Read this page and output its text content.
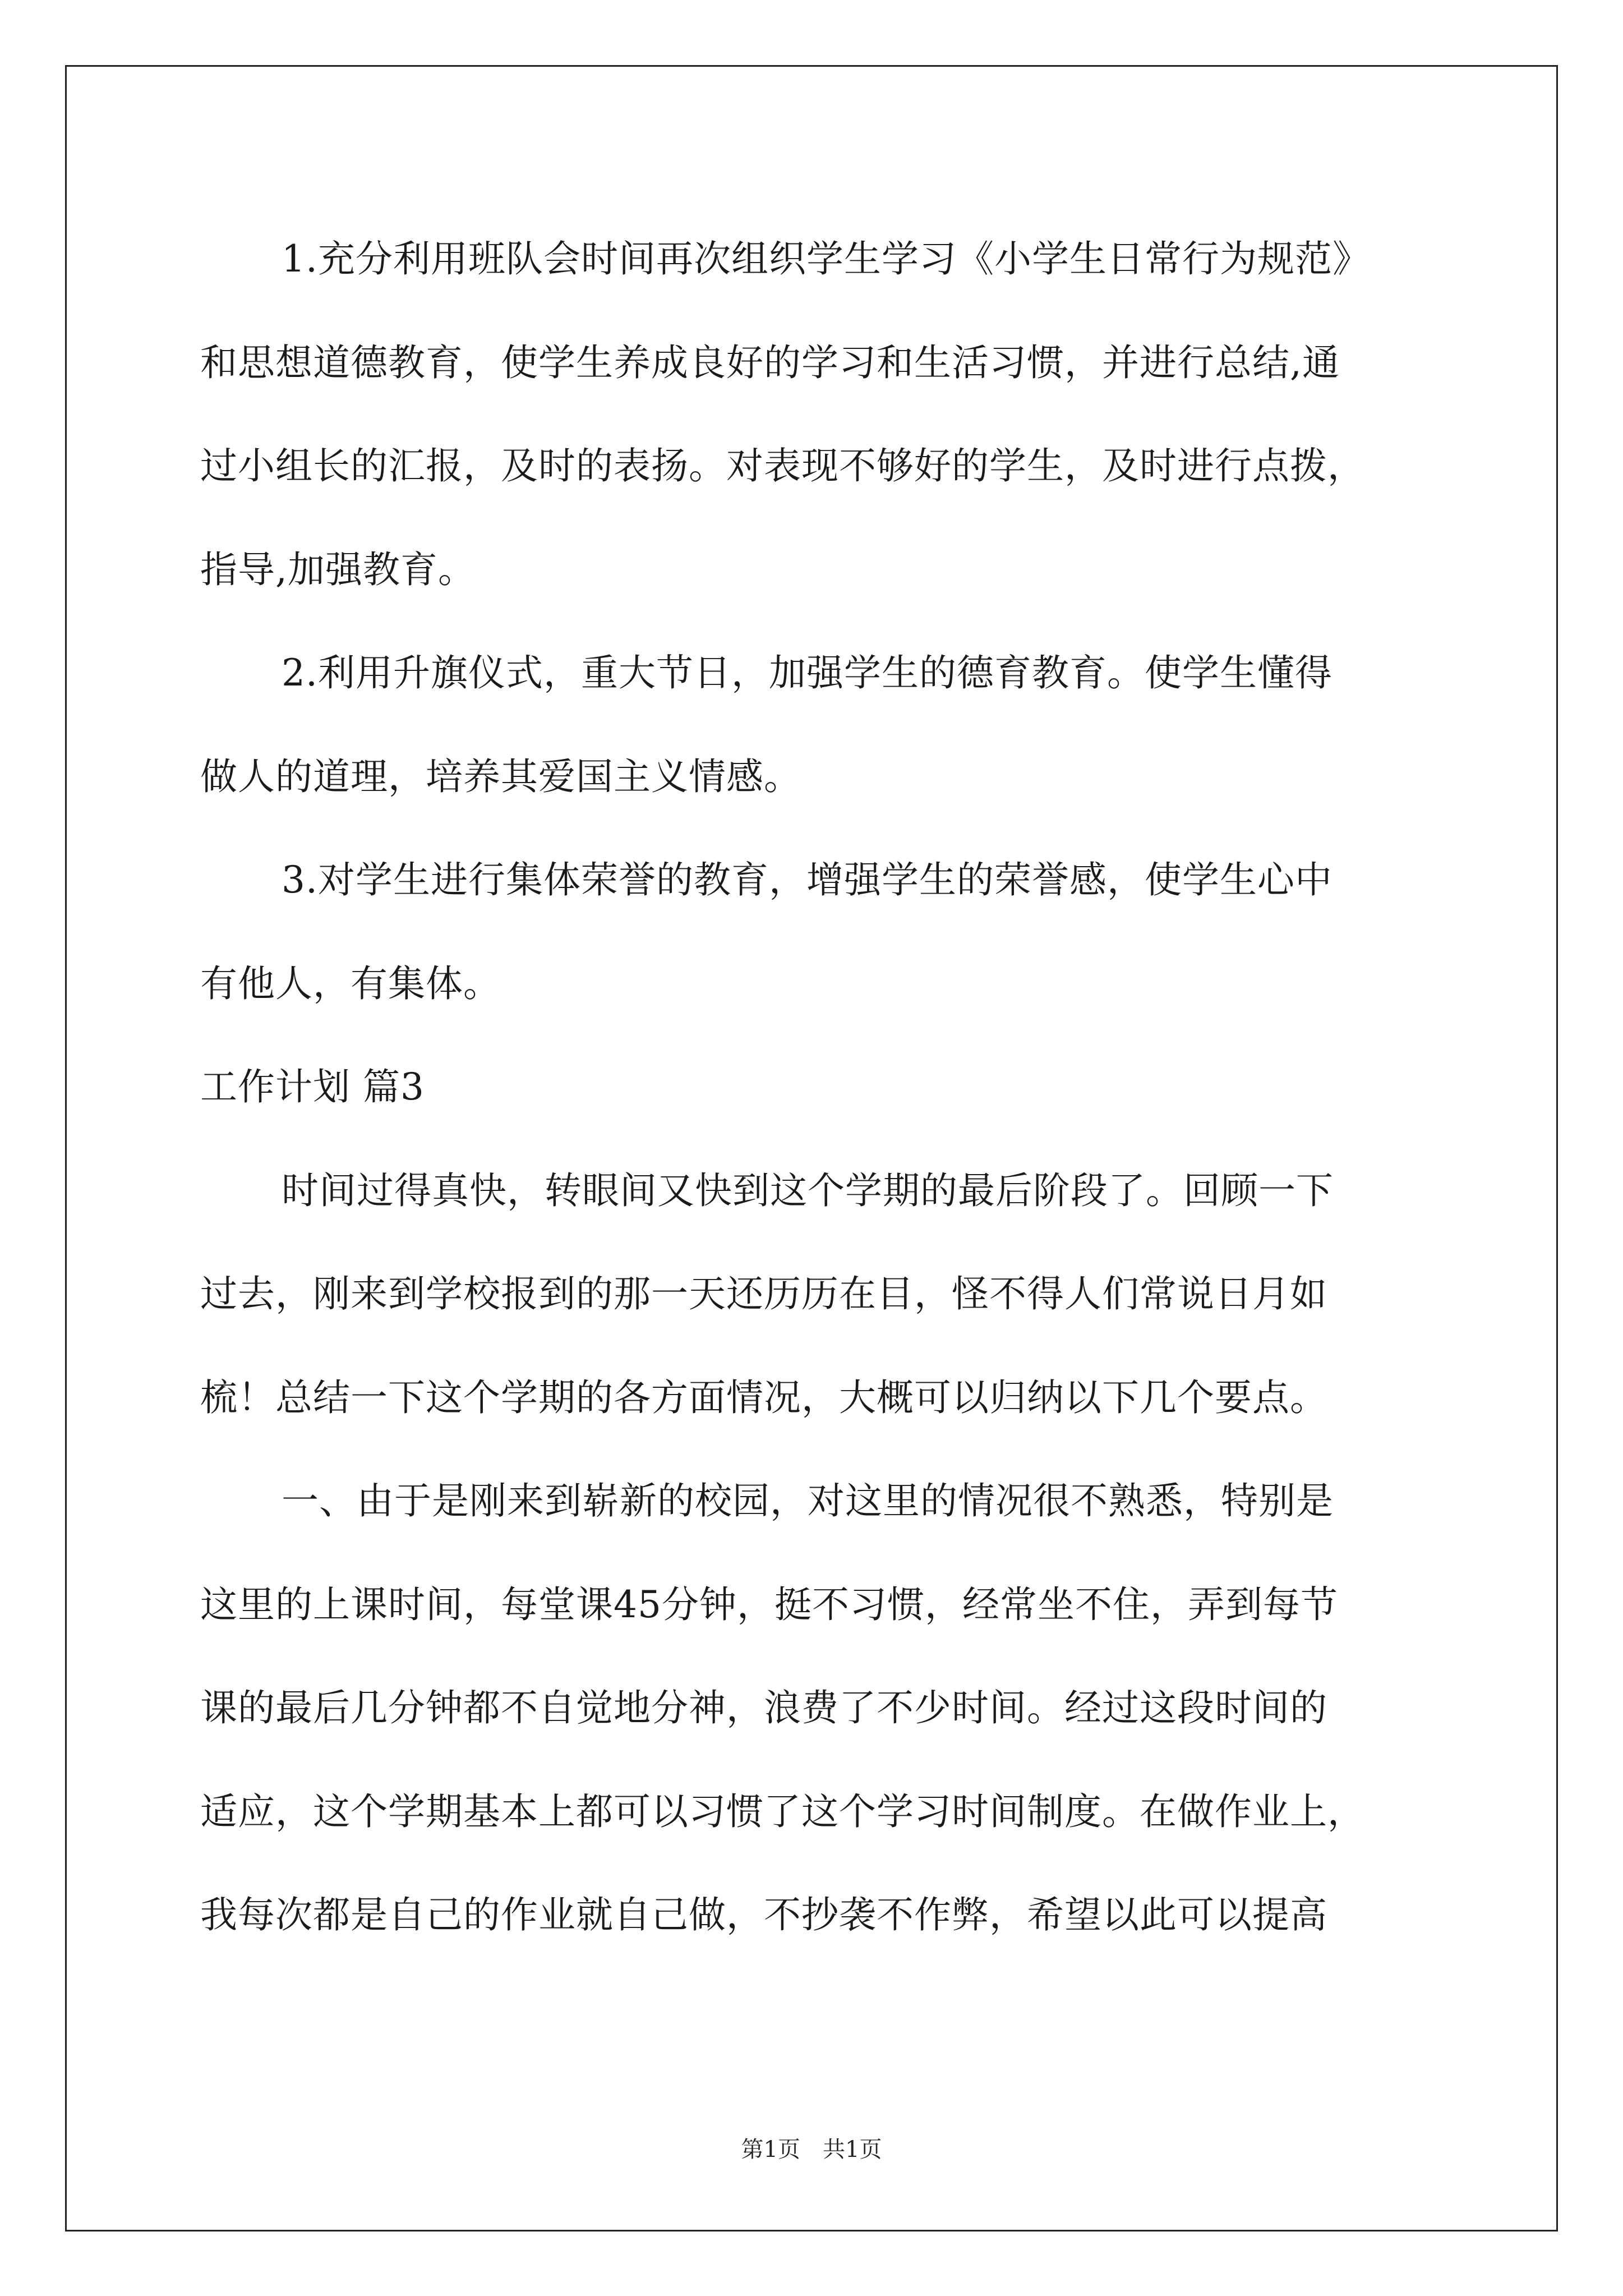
1.充分利用班队会时间再次组织学生学习《小学生日常行为规范》
和思想道德教育，使学生养成良好的学习和生活习惯，并进行总结,通
过小组长的汇报，及时的表扬。对表现不够好的学生，及时进行点拨，
指导,加强教育。
2.利用升旗仪式，重大节日，加强学生的德育教育。使学生懂得
做人的道理，培养其爱国主义情感。
3.对学生进行集体荣誉的教育，增强学生的荣誉感，使学生心中
有他人，有集体。
工作计划 篇3
时间过得真快，转眼间又快到这个学期的最后阶段了。回顾一下
过去，刚来到学校报到的那一天还历历在目，怪不得人们常说日月如
梳！总结一下这个学期的各方面情况，大概可以归纳以下几个要点。
一、由于是刚来到崭新的校园，对这里的情况很不熟悉，特别是
这里的上课时间，每堂课45分钟，挺不习惯，经常坐不住，弄到每节
课的最后几分钟都不自觉地分神，浪费了不少时间。经过这段时间的
适应，这个学期基本上都可以习惯了这个学习时间制度。在做作业上，
我每次都是自己的作业就自己做，不抄袭不作弊，希望以此可以提高
第1页　共1页
